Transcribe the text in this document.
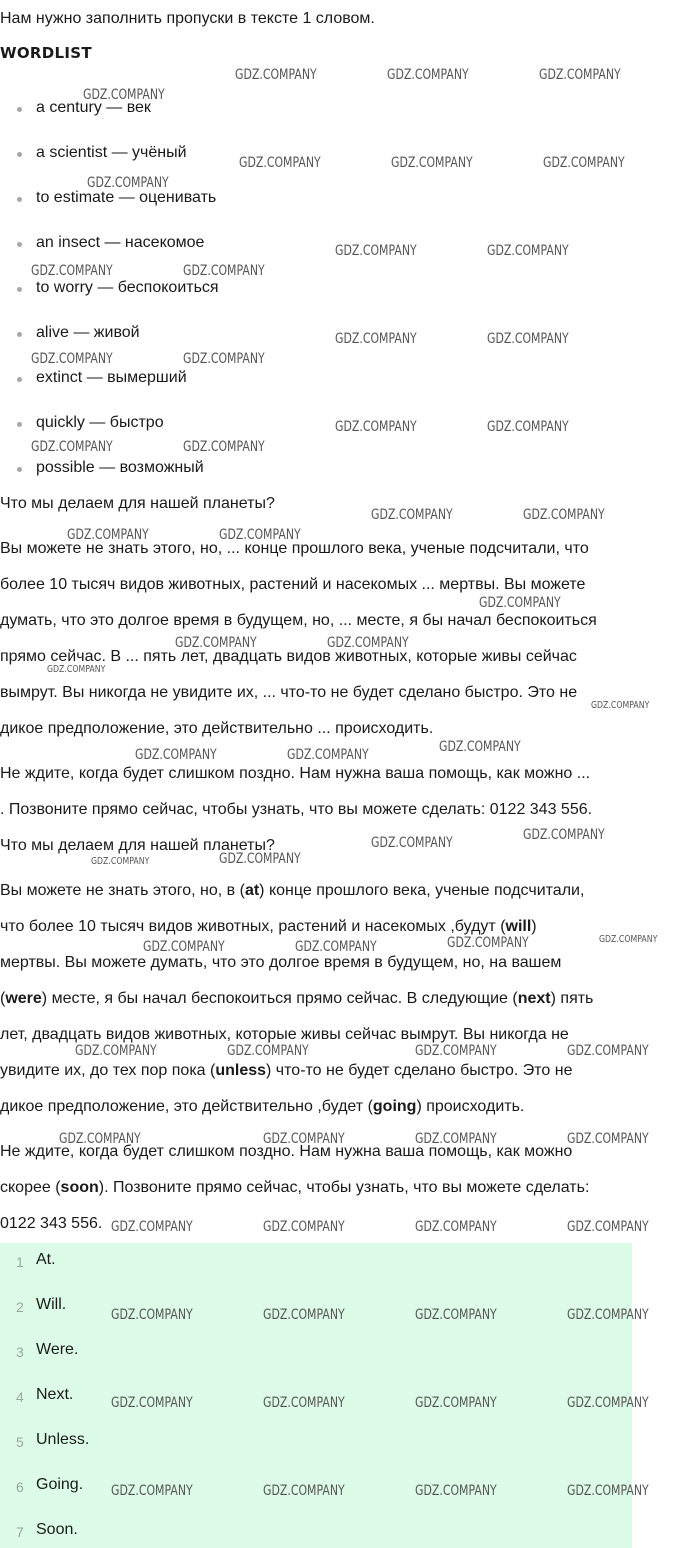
Нам нужно заполнить пропуски в тексте 1 словом.
WORDLIST
a century — век
a scientist — учёный
to estimate — оценивать
an insect — насекомое
to worry — беспокоиться
alive — живой
extinct — вымерший
quickly — быстро
possible — возможный
Что мы делаем для нашей планеты?
Вы можете не знать этого, но, ... конце прошлого века, ученые подсчитали, что
более 10 тысяч видов животных, растений и насекомых ... мертвы. Вы можете
думать, что это долгое время в будущем, но, ... месте, я бы начал беспокоиться
прямо сейчас. В ... пять лет, двадцать видов животных, которые живы сейчас
вымрут. Вы никогда не увидите их, ... что-то не будет сделано быстро. Это не
дикое предположение, это действительно ... происходить.
Не ждите, когда будет слишком поздно. Нам нужна ваша помощь, как можно ...
. Позвоните прямо сейчас, чтобы узнать, что вы можете сделать: 0122 343 556.
Что мы делаем для нашей планеты?
Вы можете не знать этого, но, в (at) конце прошлого века, ученые подсчитали,
что более 10 тысяч видов животных, растений и насекомых ,будут (will)
мертвы. Вы можете думать, что это долгое время в будущем, но, на вашем
(were) месте, я бы начал беспокоиться прямо сейчас. В следующие (next) пять
лет, двадцать видов животных, которые живы сейчас вымрут. Вы никогда не
увидите их, до тех пор пока (unless) что-то не будет сделано быстро. Это не
дикое предположение, это действительно ,будет (going) происходить.
Не ждите, когда будет слишком поздно. Нам нужна ваша помощь, как можно
скорее (soon). Позвоните прямо сейчас, чтобы узнать, что вы можете сделать:
0122 343 556.
1 At.
2 Will.
3 Were.
4 Next.
5 Unless.
6 Going.
7 Soon.
GDZ.COMPANY	GDZ.COMPANY	GDZ.COMPANY
GDZ.COMPANY
GDZ.COMPANY	GDZ.COMPANY	GDZ.COMPANY
GDZ.COMPANY
GDZ.COMPANY	GDZ.COMPANY
GDZ.COMPANY	GDZ.COMPANY
GDZ.COMPANY	GDZ.COMPANY
GDZ.COMPANY	GDZ.COMPANY
GDZ.COMPANY	GDZ.COMPANY
GDZ.COMPANY	GDZ.COMPANY
GDZ.COMPANY	GDZ.COMPANY
GDZ.COMPANY	GDZ.COMPANY
GDZ.COMPANY
GDZ.COMPANY	GDZ.COMPANY
GDZ.COMPANY
GDZ.COMPANY
GDZ.COMPANY
GDZ.COMPANY	GDZ.COMPANY
GDZ.COMPANY
GDZ.COMPANY
GDZ.COMPANY
GDZ.COMPANY
GDZ.COMPANY
GDZ.COMPANY
GDZ.COMPANY	GDZ.COMPANY
GDZ.COMPANY	GDZ.COMPANY	GDZ.COMPANY	GDZ.COMPANY
GDZ.COMPANY	GDZ.COMPANY	GDZ.COMPANY	GDZ.COMPANY
GDZ.COMPANY	GDZ.COMPANY	GDZ.COMPANY	GDZ.COMPANY
GDZ.COMPANY	GDZ.COMPANY	GDZ.COMPANY	GDZ.COMPANY
GDZ.COMPANY	GDZ.COMPANY	GDZ.COMPANY	GDZ.COMPANY
GDZ.COMPANY	GDZ.COMPANY	GDZ.COMPANY	GDZ.COMPANY
